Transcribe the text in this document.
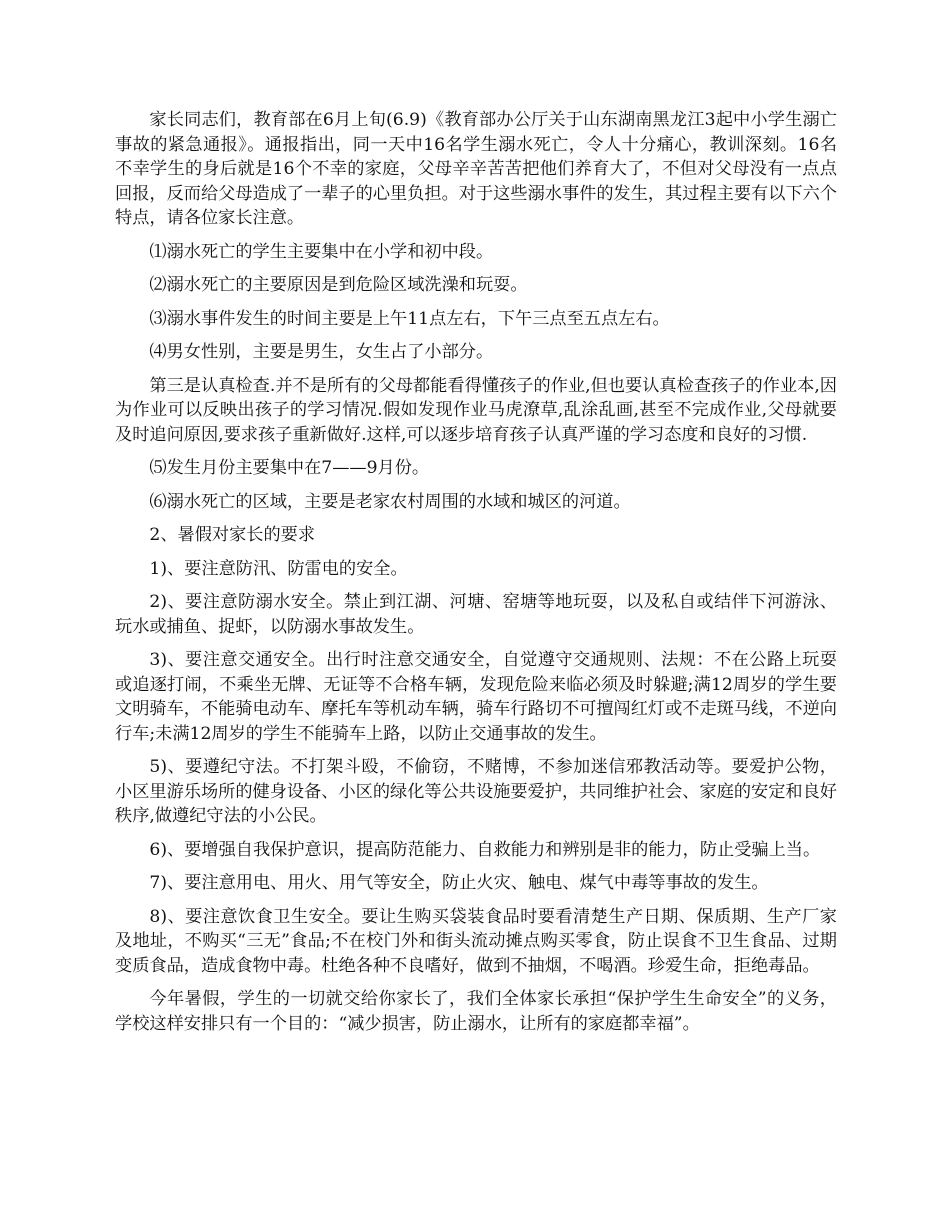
家长同志们，教育部在6月上旬(6.9)《教育部办公厅关于山东湖南黑龙江3起中小学生溺亡事故的紧急通报》。通报指出，同一天中16名学生溺水死亡，令人十分痛心，教训深刻。16名不幸学生的身后就是16个不幸的家庭，父母辛辛苦苦把他们养育大了，不但对父母没有一点点回报，反而给父母造成了一辈子的心里负担。对于这些溺水事件的发生，其过程主要有以下六个特点，请各位家长注意。

⑴溺水死亡的学生主要集中在小学和初中段。

⑵溺水死亡的主要原因是到危险区域洗澡和玩耍。

⑶溺水事件发生的时间主要是上午11点左右，下午三点至五点左右。

⑷男女性别，主要是男生，女生占了小部分。

第三是认真检查.并不是所有的父母都能看得懂孩子的作业,但也要认真检查孩子的作业本,因为作业可以反映出孩子的学习情况.假如发现作业马虎潦草,乱涂乱画,甚至不完成作业,父母就要及时追问原因,要求孩子重新做好.这样,可以逐步培育孩子认真严谨的学习态度和良好的习惯.

⑸发生月份主要集中在7——9月份。

⑹溺水死亡的区域，主要是老家农村周围的水域和城区的河道。

2、暑假对家长的要求

1)、要注意防汛、防雷电的安全。

2)、要注意防溺水安全。禁止到江湖、河塘、窑塘等地玩耍，以及私自或结伴下河游泳、玩水或捕鱼、捉虾，以防溺水事故发生。

3)、要注意交通安全。出行时注意交通安全，自觉遵守交通规则、法规：不在公路上玩耍或追逐打闹，不乘坐无牌、无证等不合格车辆，发现危险来临必须及时躲避;满12周岁的学生要文明骑车，不能骑电动车、摩托车等机动车辆，骑车行路切不可擅闯红灯或不走斑马线，不逆向行车;未满12周岁的学生不能骑车上路，以防止交通事故的发生。

5)、要遵纪守法。不打架斗殴，不偷窃，不赌博，不参加迷信邪教活动等。要爱护公物，小区里游乐场所的健身设备、小区的绿化等公共设施要爱护，共同维护社会、家庭的安定和良好秩序,做遵纪守法的小公民。

6)、要增强自我保护意识，提高防范能力、自救能力和辨别是非的能力，防止受骗上当。

7)、要注意用电、用火、用气等安全，防止火灾、触电、煤气中毒等事故的发生。

8)、要注意饮食卫生安全。要让生购买袋装食品时要看清楚生产日期、保质期、生产厂家及地址，不购买“三无”食品;不在校门外和街头流动摊点购买零食，防止误食不卫生食品、过期变质食品，造成食物中毒。杜绝各种不良嗜好，做到不抽烟，不喝酒。珍爱生命，拒绝毒品。

今年暑假，学生的一切就交给你家长了，我们全体家长承担“保护学生生命安全”的义务，学校这样安排只有一个目的：“减少损害，防止溺水，让所有的家庭都幸福”。
